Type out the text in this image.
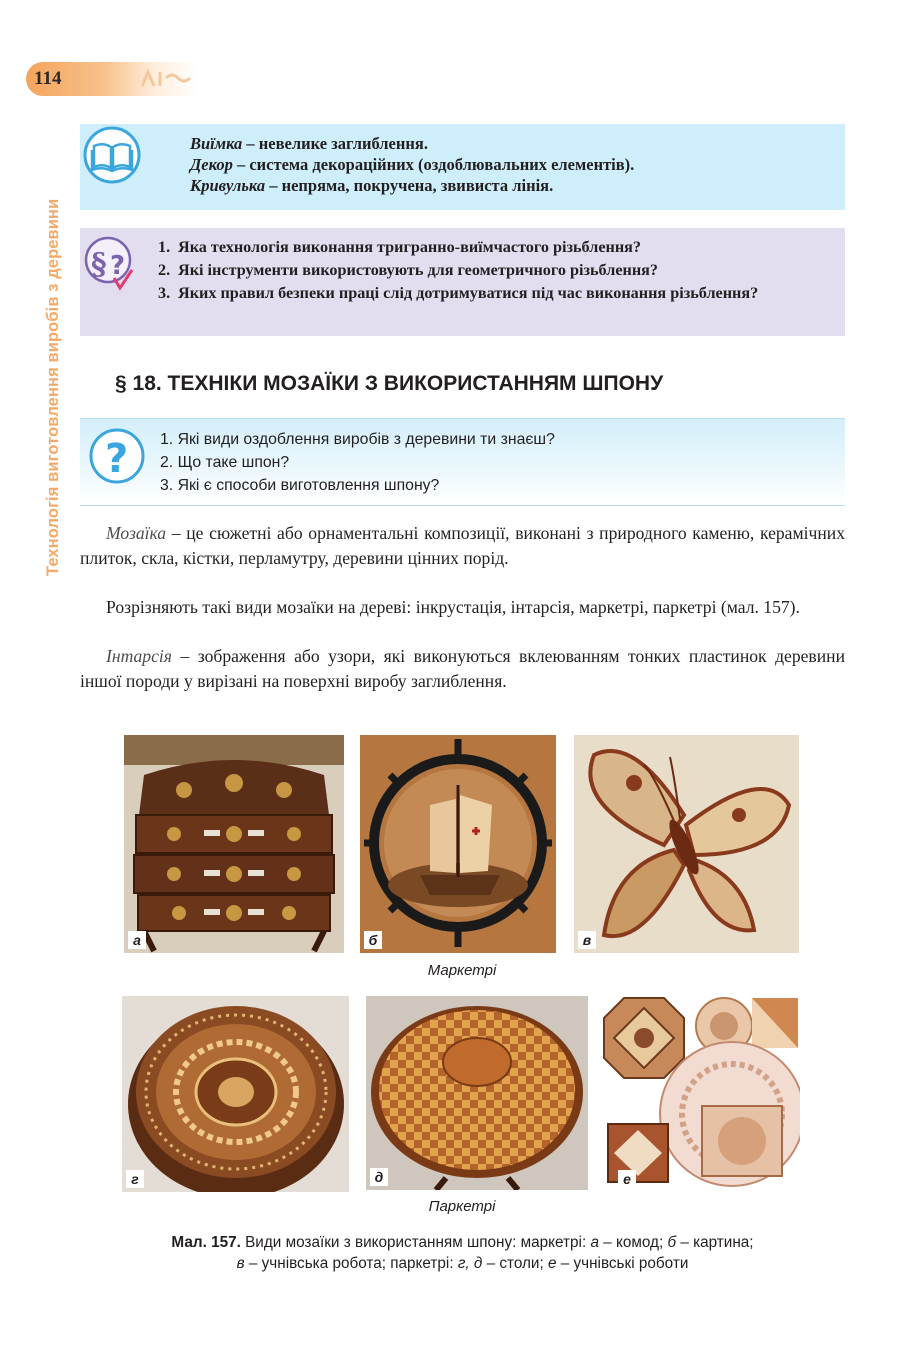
114
Технологія виготовлення виробів з деревини
Виїмка – невелике заглиблення.
Декор – система декораційних (оздоблювальних елементів).
Кривулька – непряма, покручена, звивиста лінія.
§ ?
1. Яка технологія виконання тригранно-виїмчастого різьблення?
2. Які інструменти використовують для геометричного різьблення?
3. Яких правил безпеки праці слід дотримуватися під час виконання різьблення?
§ 18. ТЕХНІКИ МОЗАЇКИ З ВИКОРИСТАННЯМ ШПОНУ
? 1. Які види оздоблення виробів з деревини ти знаєш?
2. Що таке шпон?
3. Які є способи виготовлення шпону?
Мозаїка – це сюжетні або орнаментальні композиції, виконані з природного каменю, керамічних плиток, скла, кістки, перламутру, деревини цінних порід.
Розрізняють такі види мозаїки на дереві: інкрустація, інтарсія, маркетрі, паркетрі (мал. 157).
Інтарсія – зображення або узори, які виконуються вклеюванням тонких пластинок деревини іншої породи у вирізані на поверхні виробу заглиблення.
а	б	в
Маркетрі
г	д	е
Паркетрі
Мал. 157. Види мозаїки з використанням шпону: маркетрі: а – комод; б – картина;
в – учнівська робота; паркетрі: г, д – столи; е – учнівські роботи
